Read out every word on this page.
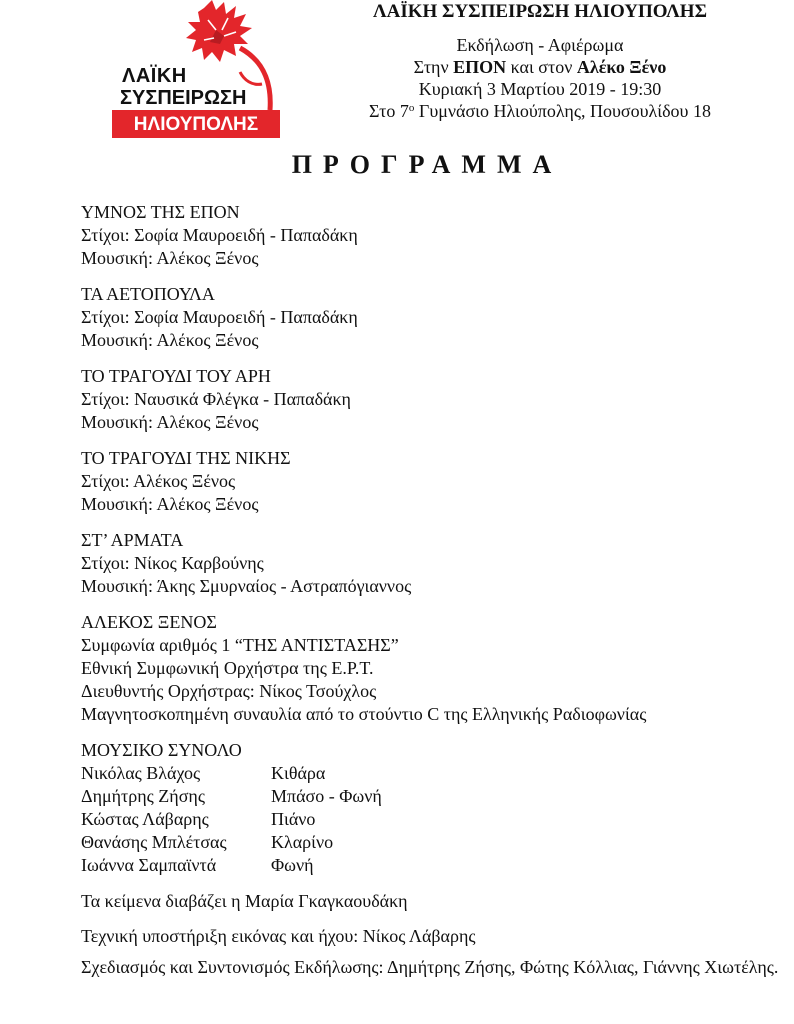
ΛΑΪΚΗ
ΣΥΣΠΕΙΡΩΣΗ
ΗΛΙΟΥΠΟΛΗΣ
ΛΑΪΚΗ ΣΥΣΠΕΙΡΩΣΗ ΗΛΙΟΥΠΟΛΗΣ
Εκδήλωση - Αφιέρωμα
Στην ΕΠΟΝ και στον Αλέκο Ξένο
Κυριακή 3 Μαρτίου 2019 - 19:30
Στο $7^o$ Γυμνάσιο Ηλιούπολης, Πουσουλίδου 18
ΠΡΟΓΡΑΜΜΑ
ΥΜΝΟΣ ΤΗΣ ΕΠΟΝ
Στίχοι: Σοφία Μαυροειδή - Παπαδάκη
Μουσική: Αλέκος Ξένος
ΤΑ ΑΕΤΟΠΟΥΛΑ
Στίχοι: Σοφία Μαυροειδή - Παπαδάκη
Μουσική: Αλέκος Ξένος
ΤΟ ΤΡΑΓΟΥΔΙ ΤΟΥ ΑΡΗ
Στίχοι: Ναυσικά Φλέγκα - Παπαδάκη
Μουσική: Αλέκος Ξένος
ΤΟ ΤΡΑΓΟΥΔΙ ΤΗΣ ΝΙΚΗΣ
Στίχοι: Αλέκος Ξένος
Μουσική: Αλέκος Ξένος
ΣΤ’ ΑΡΜΑΤΑ
Στίχοι: Νίκος Καρβούνης
Μουσική: Άκης Σμυρναίος - Αστραπόγιαννος
ΑΛΕΚΟΣ ΞΕΝΟΣ
Συμφωνία αριθμός 1 “ΤΗΣ ΑΝΤΙΣΤΑΣΗΣ”
Εθνική Συμφωνική Ορχήστρα της Ε.Ρ.Τ.
Διευθυντής Ορχήστρας: Νίκος Τσούχλος
Μαγνητοσκοπημένη συναυλία από το στούντιο C της Ελληνικής Ραδιοφωνίας
ΜΟΥΣΙΚΟ ΣΥΝΟΛΟ
Νικόλας Βλάχος	Κιθάρα
Δημήτρης Ζήσης	Μπάσο - Φωνή
Κώστας Λάβαρης	Πιάνο
Θανάσης Μπλέτσας	Κλαρίνο
Ιωάννα Σαμπαϊντά	Φωνή
Τα κείμενα διαβάζει η Μαρία Γκαγκαουδάκη
Τεχνική υποστήριξη εικόνας και ήχου: Νίκος Λάβαρης
Σχεδιασμός και Συντονισμός Εκδήλωσης: Δημήτρης Ζήσης, Φώτης Κόλλιας, Γιάννης Χιωτέλης.
